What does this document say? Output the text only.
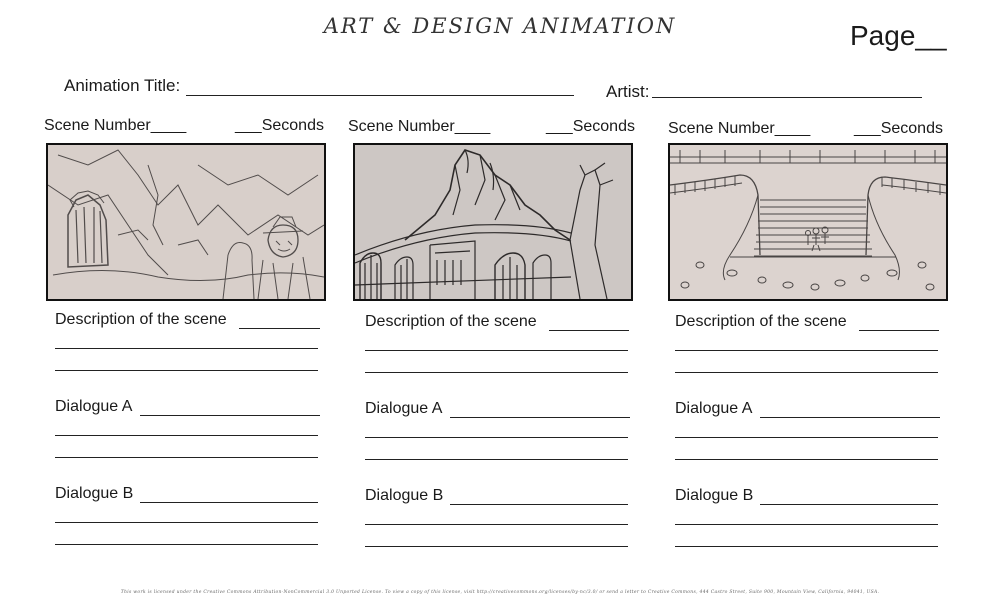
ART & DESIGN ANIMATION	Page__
Animation Title:	Artist:
Scene Number____	___Seconds
Description of the scene
Dialogue A
Dialogue B
Scene Number____	___Seconds
Description of the scene
Dialogue A
Dialogue B
Scene Number____	___Seconds
Description of the scene
Dialogue A
Dialogue B
This work is licensed under the Creative Commons Attribution-NonCommercial 3.0 Unported License. To view a copy of this license, visit http://creativecommons.org/licenses/by-nc/3.0/ or send a letter to Creative Commons, 444 Castro Street, Suite 900, Mountain View, California, 94041, USA.
